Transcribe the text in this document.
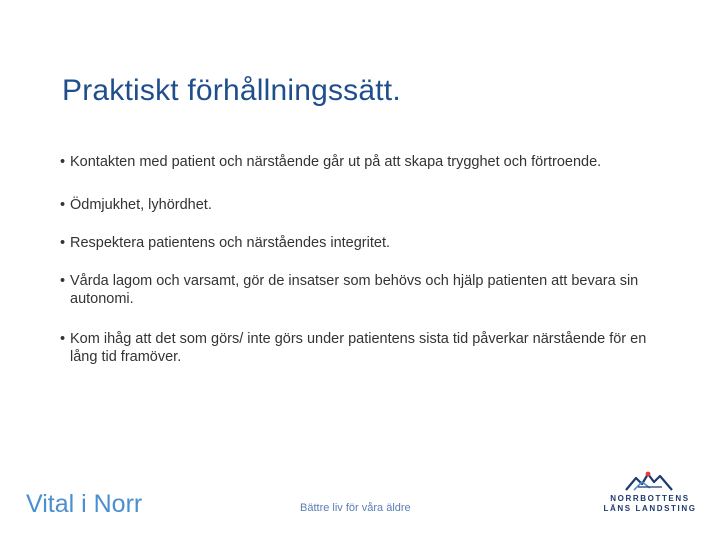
Praktiskt förhållningssätt.
• Kontakten med patient och närstående går ut på att skapa trygghet och förtroende.
• Ödmjukhet, lyhördhet.
• Respektera patientens och närståendes integritet.
• Vårda lagom och varsamt, gör de insatser som behövs och hjälp patienten att bevara sin autonomi.
• Kom ihåg att det som görs/ inte görs under patientens sista tid påverkar närstående för en lång tid framöver.
Vital i Norr	Bättre liv för våra äldre
NORRBOTTENS
LÄNS LANDSTING
